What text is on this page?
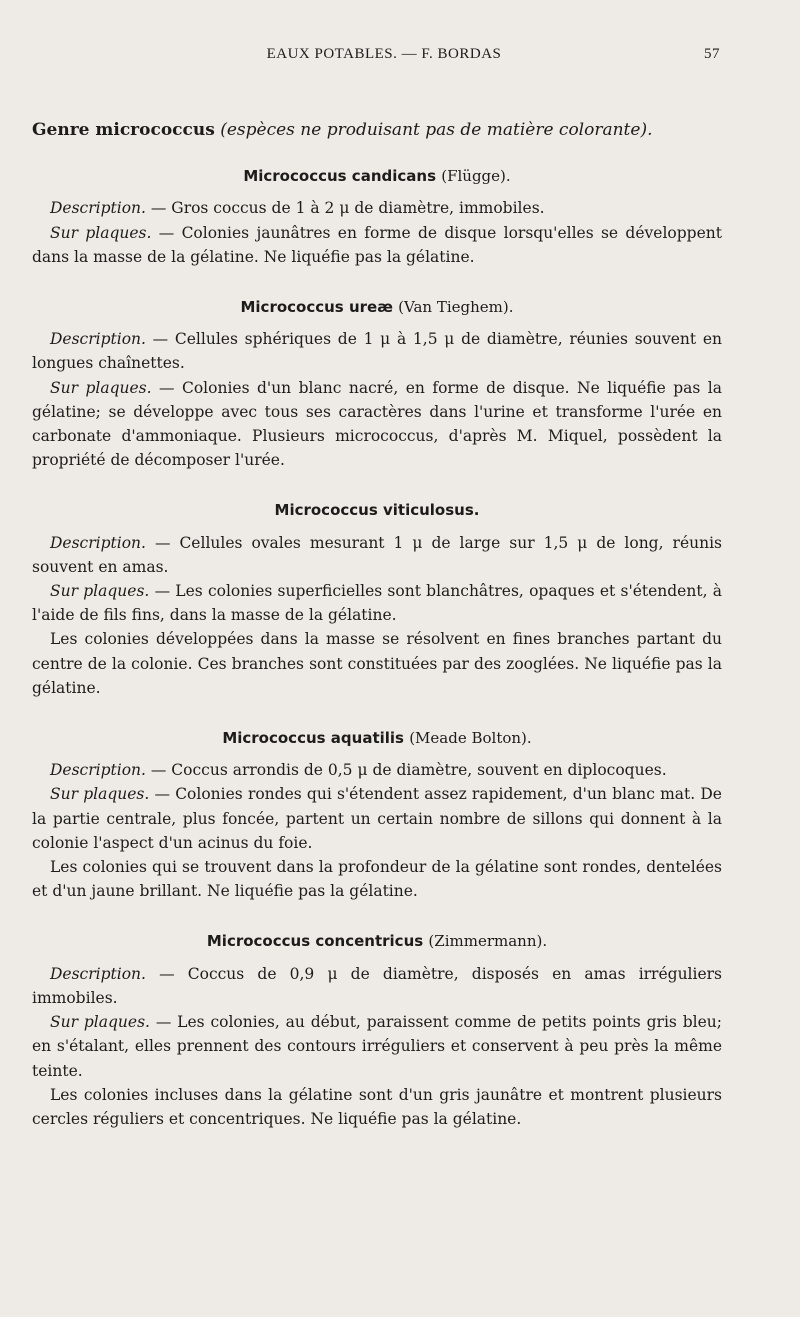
EAUX POTABLES. — F. BORDAS	57

Genre micrococcus (espèces ne produisant pas de matière colorante).

Micrococcus candicans (Flügge).

Description. — Gros coccus de 1 à 2 μ de diamètre, immobiles.

Sur plaques. — Colonies jaunâtres en forme de disque lorsqu'elles se développent dans la masse de la gélatine. Ne liquéfie pas la gélatine.

Micrococcus ureæ (Van Tieghem).

Description. — Cellules sphériques de 1 μ à 1,5 μ de diamètre, réunies souvent en longues chaînettes.

Sur plaques. — Colonies d'un blanc nacré, en forme de disque. Ne liquéfie pas la gélatine; se développe avec tous ses caractères dans l'urine et transforme l'urée en carbonate d'ammoniaque. Plusieurs micrococcus, d'après M. Miquel, possèdent la propriété de décomposer l'urée.

Micrococcus viticulosus.

Description. — Cellules ovales mesurant 1 μ de large sur 1,5 μ de long, réunis souvent en amas.

Sur plaques. — Les colonies superficielles sont blanchâtres, opaques et s'étendent, à l'aide de fils fins, dans la masse de la gélatine.

Les colonies développées dans la masse se résolvent en fines branches partant du centre de la colonie. Ces branches sont constituées par des zooglées. Ne liquéfie pas la gélatine.

Micrococcus aquatilis (Meade Bolton).

Description. — Coccus arrondis de 0,5 μ de diamètre, souvent en diplocoques.

Sur plaques. — Colonies rondes qui s'étendent assez rapidement, d'un blanc mat. De la partie centrale, plus foncée, partent un certain nombre de sillons qui donnent à la colonie l'aspect d'un acinus du foie.

Les colonies qui se trouvent dans la profondeur de la gélatine sont rondes, dentelées et d'un jaune brillant. Ne liquéfie pas la gélatine.

Micrococcus concentricus (Zimmermann).

Description. — Coccus de 0,9 μ de diamètre, disposés en amas irréguliers immobiles.

Sur plaques. — Les colonies, au début, paraissent comme de petits points gris bleu; en s'étalant, elles prennent des contours irréguliers et conservent à peu près la même teinte.

Les colonies incluses dans la gélatine sont d'un gris jaunâtre et montrent plusieurs cercles réguliers et concentriques. Ne liquéfie pas la gélatine.
